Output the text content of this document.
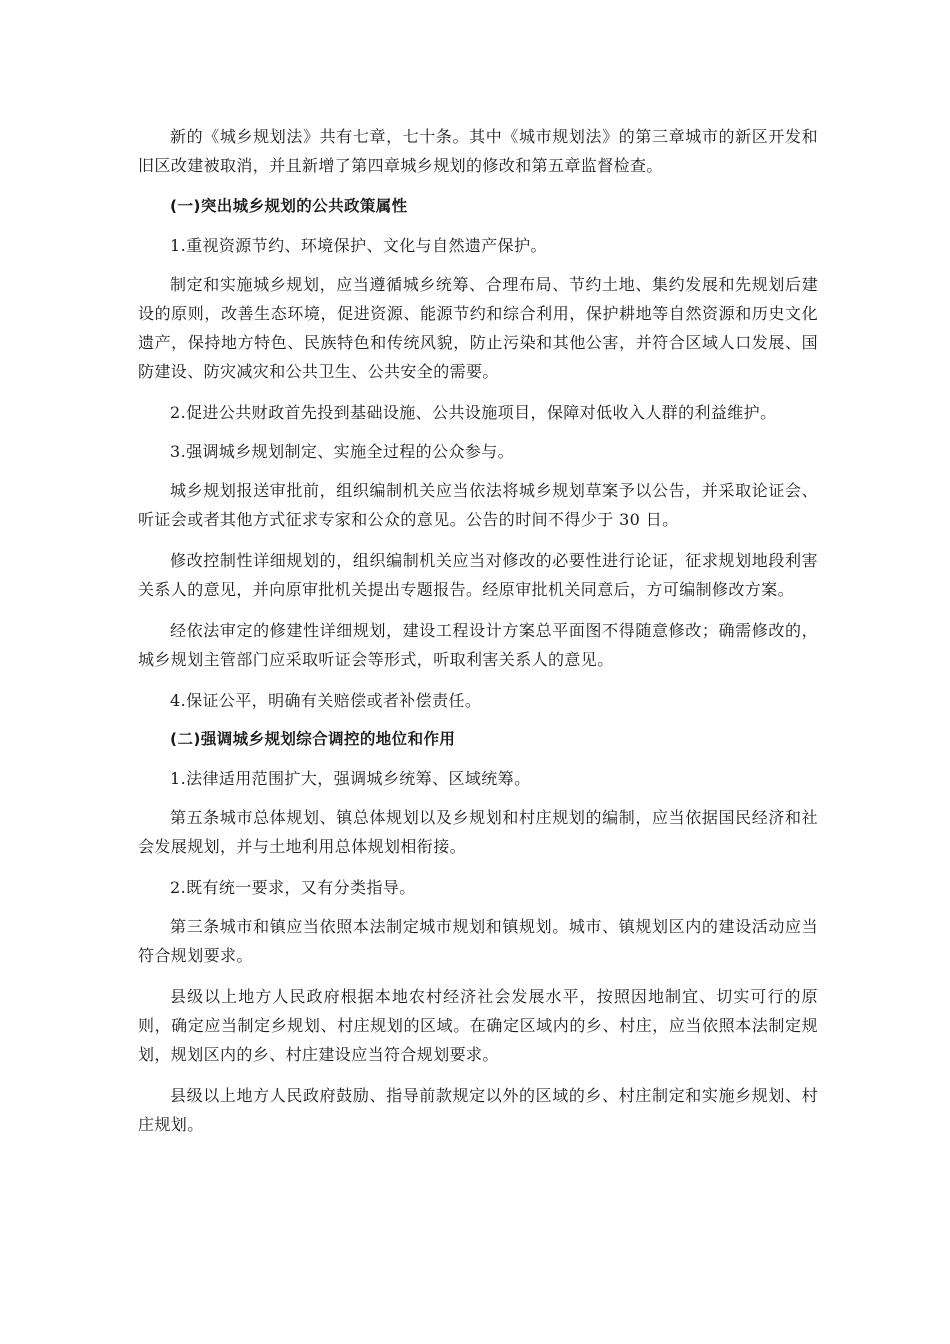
新的《城乡规划法》共有七章，七十条。其中《城市规划法》的第三章城市的新区开发和旧区改建被取消，并且新增了第四章城乡规划的修改和第五章监督检查。

(一)突出城乡规划的公共政策属性

1.重视资源节约、环境保护、文化与自然遗产保护。

制定和实施城乡规划，应当遵循城乡统筹、合理布局、节约土地、集约发展和先规划后建设的原则，改善生态环境，促进资源、能源节约和综合利用，保护耕地等自然资源和历史文化遗产，保持地方特色、民族特色和传统风貌，防止污染和其他公害，并符合区域人口发展、国防建设、防灾减灾和公共卫生、公共安全的需要。

2.促进公共财政首先投到基础设施、公共设施项目，保障对低收入人群的利益维护。

3.强调城乡规划制定、实施全过程的公众参与。

城乡规划报送审批前，组织编制机关应当依法将城乡规划草案予以公告，并采取论证会、听证会或者其他方式征求专家和公众的意见。公告的时间不得少于 30 日。

修改控制性详细规划的，组织编制机关应当对修改的必要性进行论证，征求规划地段利害关系人的意见，并向原审批机关提出专题报告。经原审批机关同意后，方可编制修改方案。

经依法审定的修建性详细规划，建设工程设计方案总平面图不得随意修改；确需修改的，城乡规划主管部门应采取听证会等形式，听取利害关系人的意见。

4.保证公平，明确有关赔偿或者补偿责任。

(二)强调城乡规划综合调控的地位和作用

1.法律适用范围扩大，强调城乡统筹、区域统筹。

第五条城市总体规划、镇总体规划以及乡规划和村庄规划的编制，应当依据国民经济和社会发展规划，并与土地利用总体规划相衔接。

2.既有统一要求，又有分类指导。

第三条城市和镇应当依照本法制定城市规划和镇规划。城市、镇规划区内的建设活动应当符合规划要求。

县级以上地方人民政府根据本地农村经济社会发展水平，按照因地制宜、切实可行的原则，确定应当制定乡规划、村庄规划的区域。在确定区域内的乡、村庄，应当依照本法制定规划，规划区内的乡、村庄建设应当符合规划要求。

县级以上地方人民政府鼓励、指导前款规定以外的区域的乡、村庄制定和实施乡规划、村庄规划。
